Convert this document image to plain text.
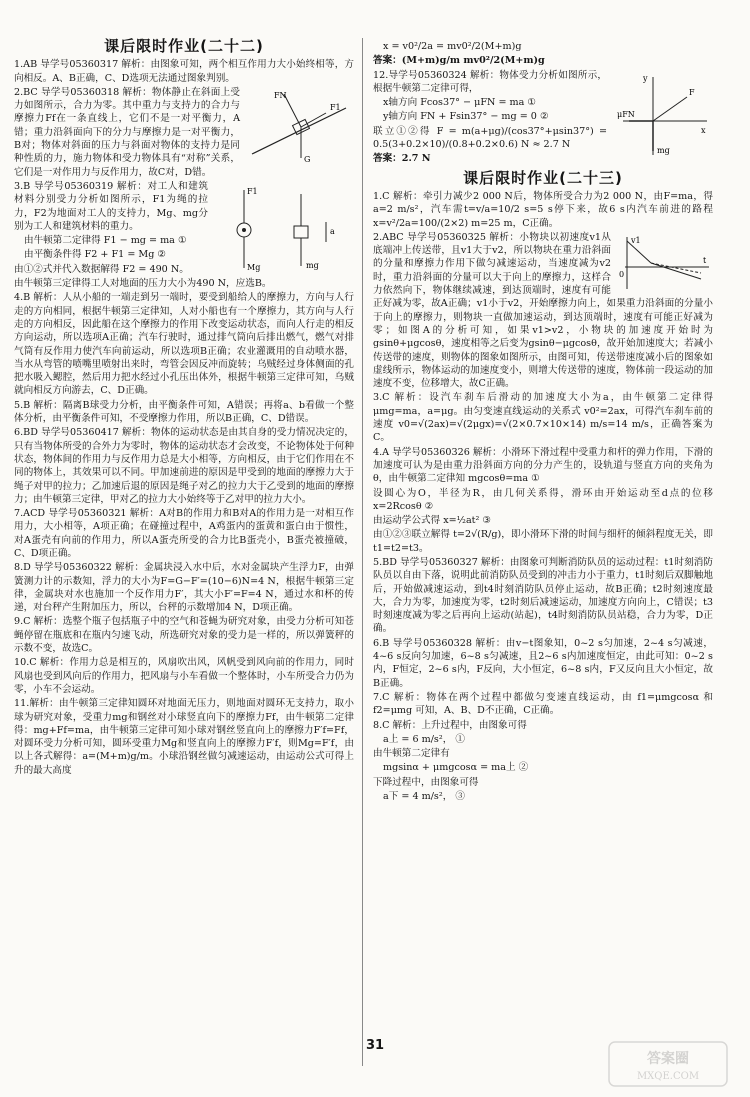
课后限时作业(二十二)

1.AB 导学号05360317 解析：由图象可知，两个相互作用力大小始终相等，方向相反。A、B正确，C、D选项无法通过图象判别。

FN
F1
G

2.BC 导学号05360318 解析：物体静止在斜面上受力如图所示，合力为零。其中重力与支持力的合力与摩擦力Ff在一条直线上，它们不是一对平衡力，A错；重力沿斜面向下的分力与摩擦力是一对平衡力，B对；物体对斜面的压力与斜面对物体的支持力是同种性质的力，施力物体和受力物体具有“对称”关系，它们是一对作用力与反作用力，故C对，D错。

F1
Mg	mg
a

3.B 导学号05360319 解析：对工人和建筑材料分别受力分析如图所示，F1为绳的拉力，F2为地面对工人的支持力，Mg、mg分别为工人和建筑材料的重力。

由牛顿第二定律得 F1 − mg = ma ①

由平衡条件得 F2 + F1 = Mg ②

由①②式并代入数据解得 F2 = 490 N。

由牛顿第三定律得工人对地面的压力大小为490 N，应选B。

4.B 解析：人从小船的一端走到另一端时，要受到船给人的摩擦力，方向与人行走的方向相同，根据牛顿第三定律知，人对小船也有一个摩擦力，其方向与人行走的方向相反，因此船在这个摩擦力的作用下改变运动状态，而向人行走的相反方向运动，所以选项A正确；汽车行驶时，通过排气筒向后排出燃气，燃气对排气筒有反作用力使汽车向前运动，所以选项B正确；农业灌溉用的自动喷水器，当水从弯管的喷嘴里喷射出来时，弯管会因反冲而旋转；乌贼经过身体侧面的孔把水吸入鳃腔，然后用力把水经过小孔压出体外，根据牛顿第三定律可知，乌贼就向相反方向游去，C、D正确。

5.B 解析：隔离B球受力分析，由平衡条件可知，A错误；再将a、b看做一个整体分析，由平衡条件可知，不受摩擦力作用，所以B正确，C、D错误。

6.BD 导学号05360417 解析：物体的运动状态是由其自身的受力情况决定的，只有当物体所受的合外力为零时，物体的运动状态才会改变，不论物体处于何种状态，物体间的作用力与反作用力总是大小相等，方向相反，由于它们作用在不同的物体上，其效果可以不同。甲加速前进的原因是甲受到的地面的摩擦力大于绳子对甲的拉力；乙加速后退的原因是绳子对乙的拉力大于乙受到的地面的摩擦力；由牛顿第三定律，甲对乙的拉力大小始终等于乙对甲的拉力大小。

7.ACD 导学号05360321 解析：A对B的作用力和B对A的作用力是一对相互作用力，大小相等，A项正确；在碰撞过程中，A鸡蛋内的蛋黄和蛋白由于惯性，对A蛋壳有向前的作用力，所以A蛋壳所受的合力比B蛋壳小，B蛋壳被撞破，C、D项正确。

8.D 导学号05360322 解析：金属块浸入水中后，水对金属块产生浮力F，由弹簧测力计的示数知，浮力的大小为F=G−F′=(10−6)N=4 N，根据牛顿第三定律，金属块对水也施加一个反作用力F′，其大小F′=F=4 N，通过水和杯的传递，对台秤产生附加压力，所以，台秤的示数增加4 N，D项正确。

9.C 解析：选整个瓶子包括瓶子中的空气和苍蝇为研究对象，由受力分析可知苍蝇停留在瓶底和在瓶内匀速飞动，所选研究对象的受力是一样的，所以弹簧秤的示数不变，故选C。

10.C 解析：作用力总是相互的，风扇吹出风，风帆受到风向前的作用力，同时风扇也受到风向后的作用力，把风扇与小车看做一个整体时，小车所受合力仍为零，小车不会运动。

11.解析：由牛顿第三定律知圆环对地面无压力，则地面对圆环无支持力，取小球为研究对象，受重力mg和钢丝对小球竖直向下的摩擦力Ff，由牛顿第二定律得：mg+Ff=ma，由牛顿第三定律可知小球对钢丝竖直向上的摩擦力F′f=Ff，对圆环受力分析可知，圆环受重力Mg和竖直向上的摩擦力F′f，则Mg=F′f，由以上各式解得：a=(M+m)g/m。小球沿钢丝做匀减速运动，由运动公式可得上升的最大高度

x = v0²/2a = mv0²/2(M+m)g

答案：(M+m)g/m mv0²/2(M+m)g

x
y
F
μFN
mg

12.导学号05360324 解析：物体受力分析如图所示，根据牛顿第二定律可得，

x轴方向 Fcos37° − μFN = ma ①

y轴方向 FN + Fsin37° − mg = 0 ②

联立①②得 F = m(a+μg)/(cos37°+μsin37°) = 0.5(3+0.2×10)/(0.8+0.2×0.6) N ≈ 2.7 N

答案：2.7 N

课后限时作业(二十三)

1.C 解析：牵引力减少2 000 N后，物体所受合力为2 000 N，由F=ma，得a=2 m/s²，汽车需t=v/a=10/2 s=5 s停下来，故6 s内汽车前进的路程x=v²/2a=100/(2×2) m=25 m，C正确。

t
v1
0

2.ABC 导学号05360325 解析：小物块以初速度v1从底端冲上传送带，且v1大于v2，所以物块在重力沿斜面的分量和摩擦力作用下做匀减速运动，当速度减为v2时，重力沿斜面的分量可以大于向上的摩擦力，这样合力依然向下，物体继续减速，到达顶端时，速度有可能正好减为零，故A正确；v1小于v2，开始摩擦力向上，如果重力沿斜面的分量小于向上的摩擦力，则物块一直做加速运动，到达顶端时，速度有可能正好减为零；如图A的分析可知，如果v1>v2，小物块的加速度开始时为gsinθ+μgcosθ，速度相等之后变为gsinθ−μgcosθ，故开始加速度大；若减小传送带的速度，则物体的图象如图所示，由图可知，传送带速度减小后的图象如虚线所示，物体运动的加速度变小，则增大传送带的速度，物体前一段运动的加速度不变，位移增大，故C正确。

3.C 解析：设汽车刹车后滑动的加速度大小为a，由牛顿第二定律得 μmg=ma，a=μg。由匀变速直线运动的关系式 v0²=2ax，可得汽车刹车前的速度 v0=√(2ax)=√(2μgx)=√(2×0.7×10×14) m/s=14 m/s，正确答案为C。

4.A 导学号05360326 解析：小滑环下滑过程中受重力和杆的弹力作用，下滑的加速度可认为是由重力沿斜面方向的分力产生的，设轨道与竖直方向的夹角为θ，由牛顿第二定律知 mgcosθ=ma ①

设圆心为O，半径为R，由几何关系得，滑环由开始运动至d点的位移 x=2Rcosθ ②

由运动学公式得 x=½at² ③

由①②③联立解得 t=2√(R/g)，即小滑环下滑的时间与细杆的倾斜程度无关，即 t1=t2=t3。

5.BD 导学号05360327 解析：由图象可判断消防队员的运动过程：t1时刻消防队员以自由下落，说明此前消防队员受到的冲击力小于重力，t1时刻后双脚触地后，开始做减速运动，到t4时刻消防队员停止运动，故B正确；t2时刻速度最大，合力为零，加速度为零，t2时刻后减速运动，加速度方向向上，C错误；t3时刻速度减为零之后再向上运动(站起)，t4时刻消防队员站稳，合力为零，D正确。

6.B 导学号05360328 解析：由v−t图象知，0~2 s匀加速，2~4 s匀减速，4~6 s反向匀加速，6~8 s匀减速，且2~6 s内加速度恒定，由此可知：0~2 s内，F恒定，2~6 s内，F反向，大小恒定，6~8 s内，F又反向且大小恒定，故B正确。

7.C 解析：物体在两个过程中都做匀变速直线运动，由 f1=μmgcosα 和 f2=μmg 可知，A、B、D不正确，C正确。

8.C 解析：上升过程中，由图象可得

a上 = 6 m/s²， ①

由牛顿第二定律有

mgsinα + μmgcosα = ma上 ②

下降过程中，由图象可得

a下 = 4 m/s²， ③

31
答案圈
MXQE.COM
